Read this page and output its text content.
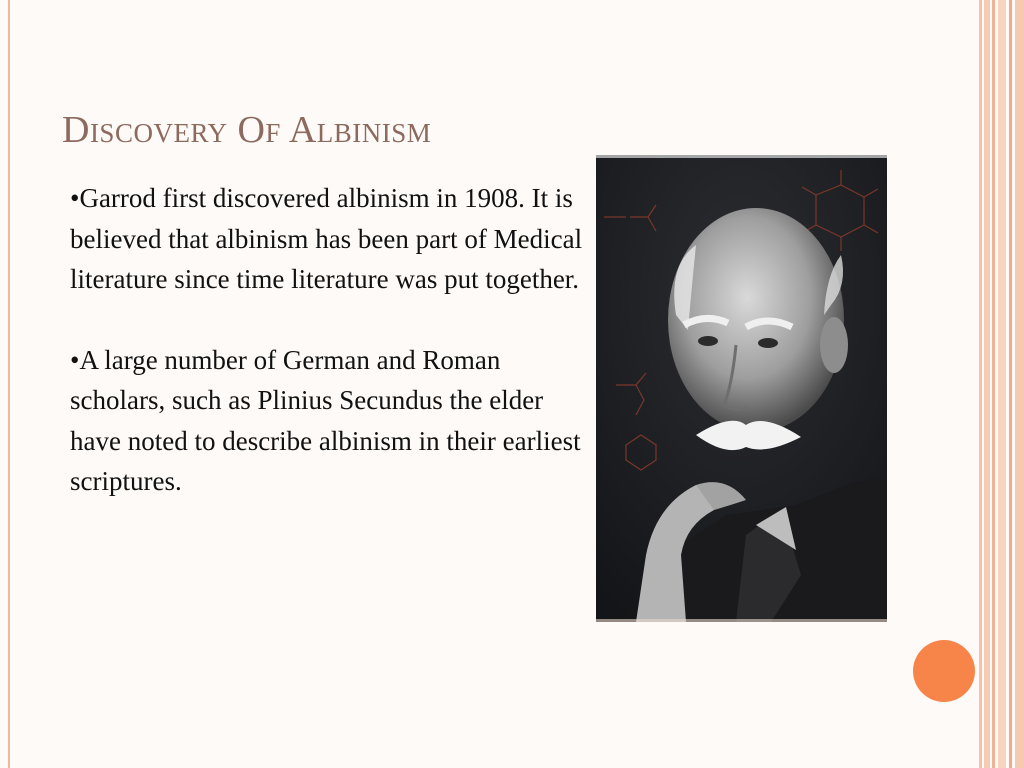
Discovery Of Albinism

•Garrod first discovered albinism in 1908. It is believed that albinism has been part of Medical literature since time literature was put together.

•A large number of German and Roman scholars, such as Plinius Secundus the elder have noted to describe albinism in their earliest scriptures.
